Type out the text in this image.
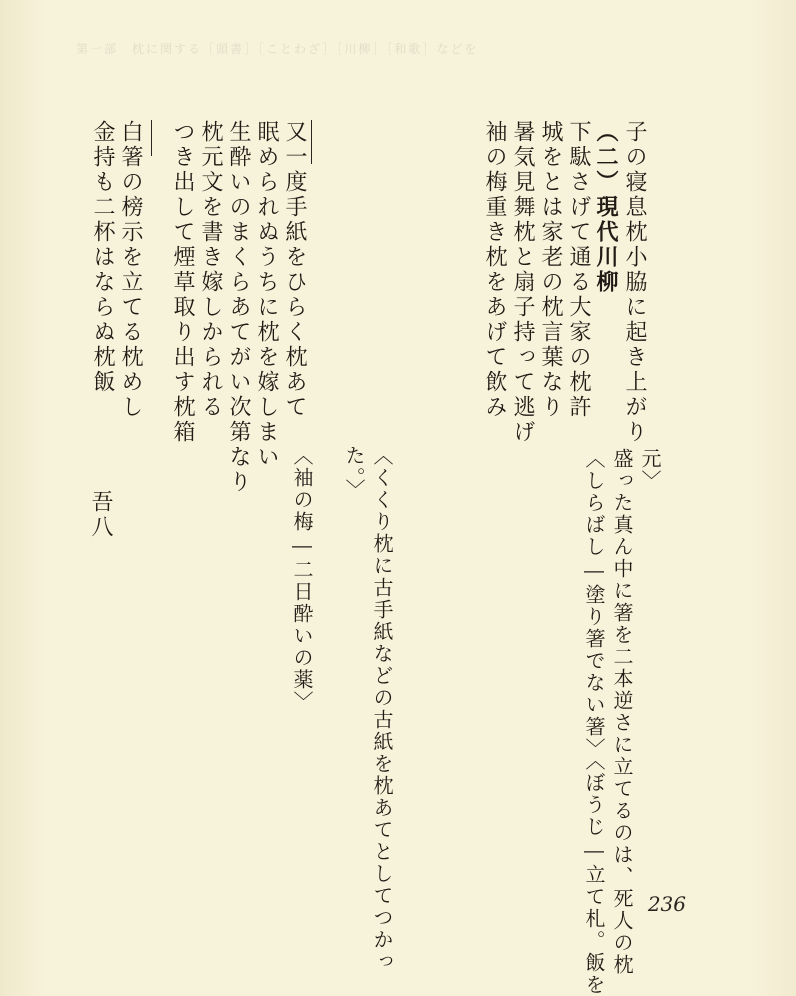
第一部　枕に関する［頭書］［ことわざ］［川柳］［和歌］などを
〈しらばし―塗り箸でない箸〉〈ぼうじ―立て札。飯を 盛った真ん中に箸を二本逆さに立てるのは、死人の枕 元〉
〈くくり枕に古手紙などの古紙を枕あてとしてつかっ
た。〉
〈袖の梅―二日酔いの薬〉
金持も二杯はならぬ枕飯 白箸の榜示を立てる枕めし つき出して煙草取り出す枕箱 枕元文を書き嫁しかられる 生酔いのまくらあてがい次第なり 眠められぬうちに枕を嫁しまい 又一度手紙をひらく枕あて	袖の梅重き枕をあげて飲み 暑気見舞枕と扇子持って逃げ 城をとは家老の枕言葉なり 下駄さげて通る大家の枕許 （二）現代川柳 子の寝息枕小脇に起き上がり
吾八
236
